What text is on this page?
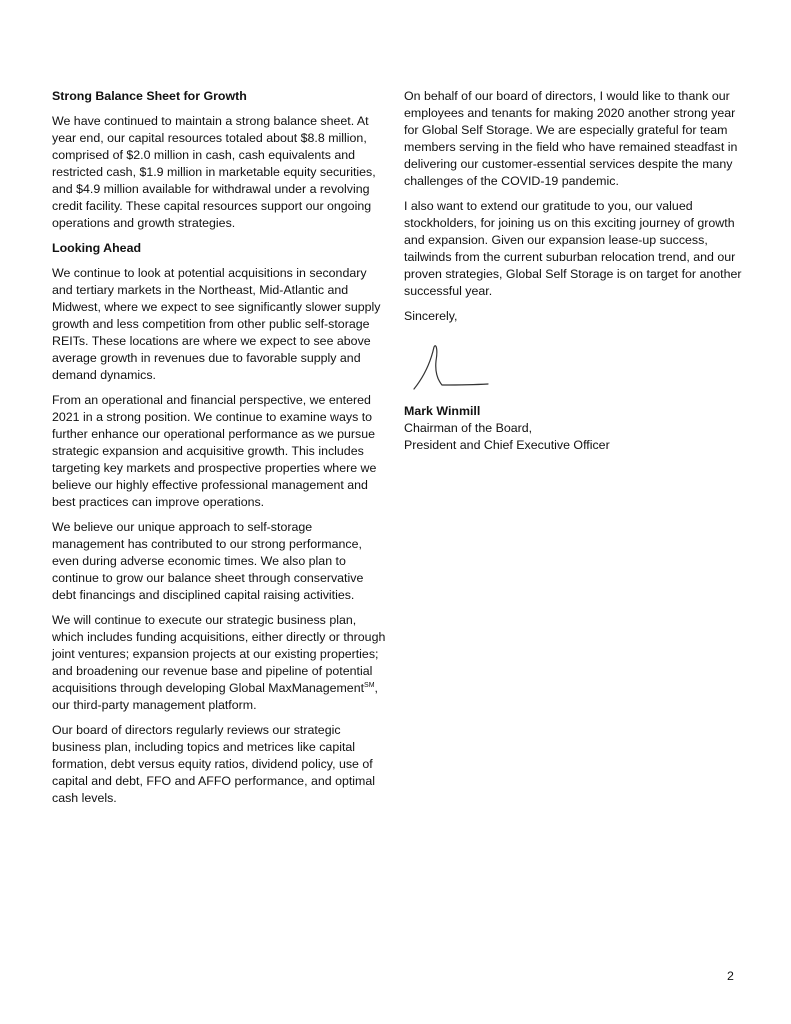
Strong Balance Sheet for Growth

We have continued to maintain a strong balance sheet. At year end, our capital resources totaled about $8.8 million, comprised of $2.0 million in cash, cash equivalents and restricted cash, $1.9 million in marketable equity securities, and $4.9 million available for withdrawal under a revolving credit facility. These capital resources support our ongoing operations and growth strategies.

Looking Ahead

We continue to look at potential acquisitions in secondary and tertiary markets in the Northeast, Mid-Atlantic and Midwest, where we expect to see significantly slower supply growth and less competition from other public self-storage REITs. These locations are where we expect to see above average growth in revenues due to favorable supply and demand dynamics.

From an operational and financial perspective, we entered 2021 in a strong position. We continue to examine ways to further enhance our operational performance as we pursue strategic expansion and acquisitive growth. This includes targeting key markets and prospective properties where we believe our highly effective professional management and best practices can improve operations.

We believe our unique approach to self-storage management has contributed to our strong performance, even during adverse economic times. We also plan to continue to grow our balance sheet through conservative debt financings and disciplined capital raising activities.

We will continue to execute our strategic business plan, which includes funding acquisitions, either directly or through joint ventures; expansion projects at our existing properties; and broadening our revenue base and pipeline of potential acquisitions through developing Global MaxManagement℠, our third-party management platform.

Our board of directors regularly reviews our strategic business plan, including topics and metrices like capital formation, debt versus equity ratios, dividend policy, use of capital and debt, FFO and AFFO performance, and optimal cash levels.

On behalf of our board of directors, I would like to thank our employees and tenants for making 2020 another strong year for Global Self Storage. We are especially grateful for team members serving in the field who have remained steadfast in delivering our customer-essential services despite the many challenges of the COVID-19 pandemic.

I also want to extend our gratitude to you, our valued stockholders, for joining us on this exciting journey of growth and expansion. Given our expansion lease-up success, tailwinds from the current suburban relocation trend, and our proven strategies, Global Self Storage is on target for another successful year.

Sincerely,

Mark Winmill
Chairman of the Board,
President and Chief Executive Officer
2
